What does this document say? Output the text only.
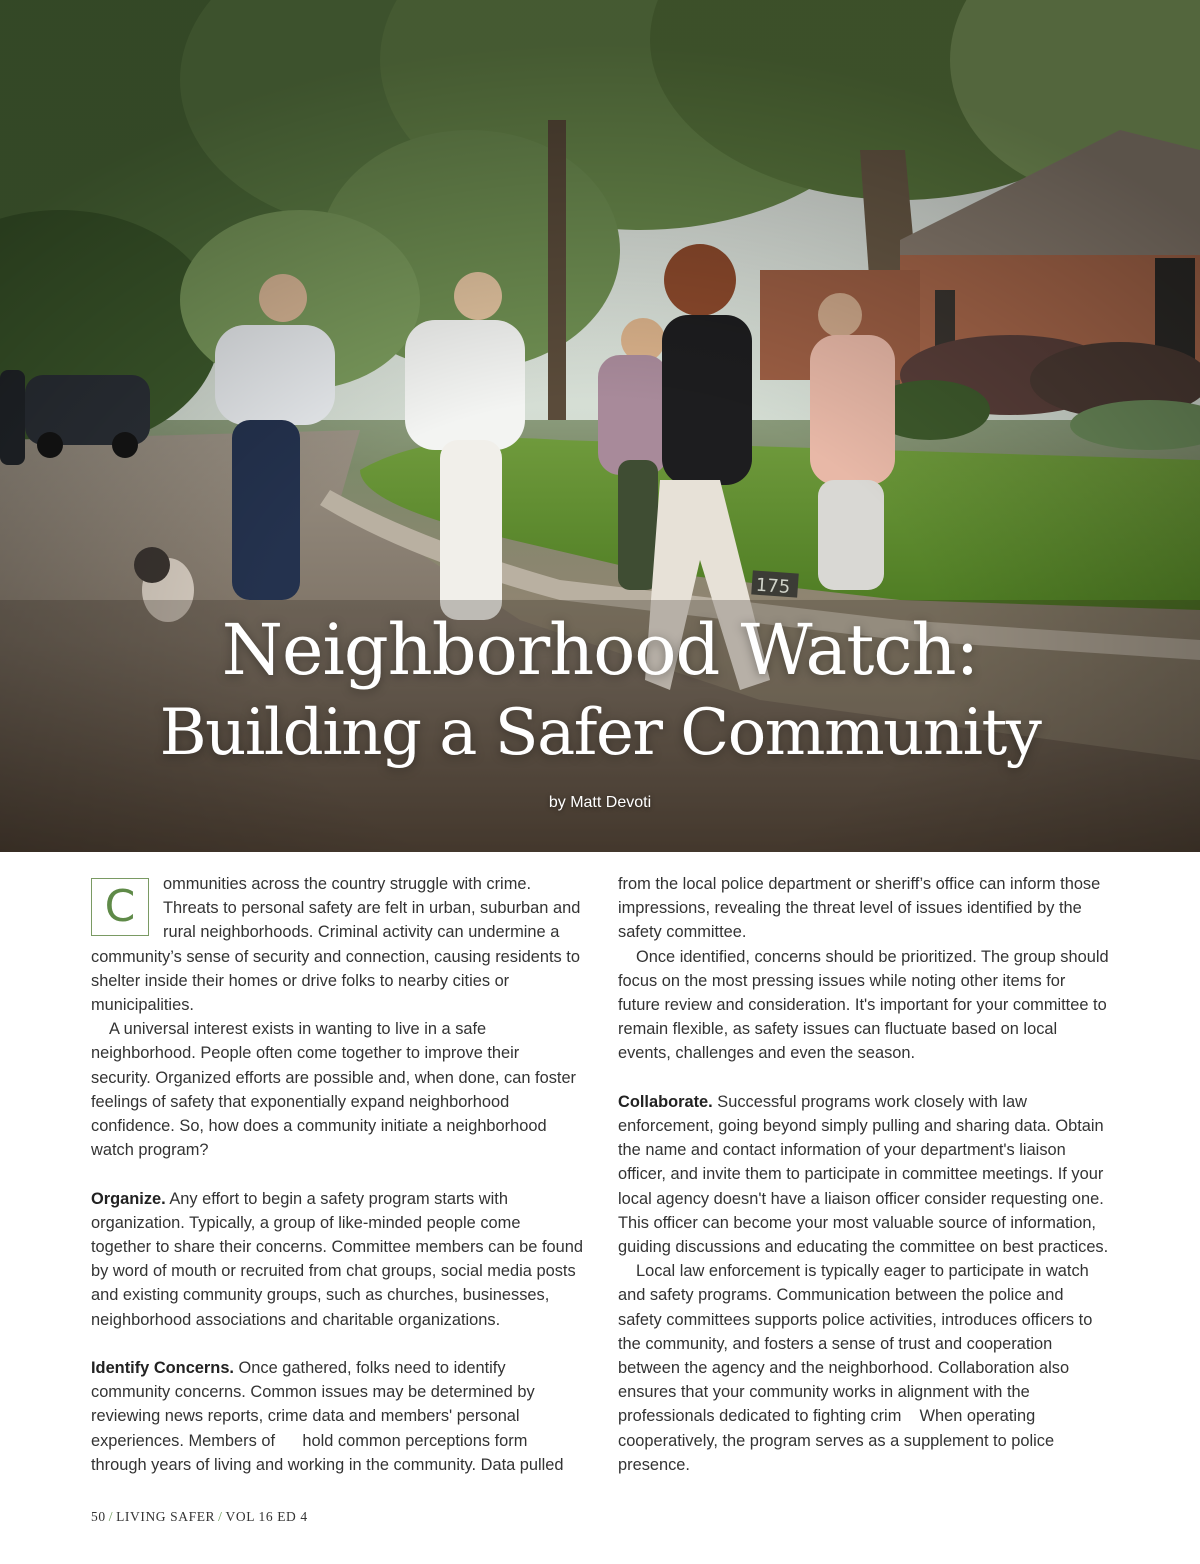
Neighborhood Watch:
Building a Safer Community
by Matt Devoti

C	ommunities across the country struggle with crime. Threats to personal safety are felt in urban, suburban and rural neighborhoods. Criminal activity can undermine a community’s sense of security and connection, causing residents to shelter inside their homes or drive folks to nearby cities or municipalities.

A universal interest exists in wanting to live in a safe neighborhood. People often come together to improve their security. Organized efforts are possible and, when done, can foster feelings of safety that exponentially expand neighborhood confidence. So, how does a community initiate a neighborhood watch program?

Organize. Any effort to begin a safety program starts with organization. Typically, a group of like-minded people come together to share their concerns. Committee members can be found by word of mouth or recruited from chat groups, social media posts and existing community groups, such as churches, businesses, neighborhood associations and charitable organizations.

Identify Concerns. Once gathered, folks need to identify community concerns. Common issues may be determined by reviewing news reports, crime data and members' personal experiences. Members of      hold common perceptions form through years of living and working in the community. Data pulled

from the local police department or sheriff’s office can inform those impressions, revealing the threat level of issues identified by the safety committee.

Once identified, concerns should be prioritized. The group should focus on the most pressing issues while noting other items for future review and consideration. It's important for your committee to remain flexible, as safety issues can fluctuate based on local events, challenges and even the season.

Collaborate. Successful programs work closely with law enforcement, going beyond simply pulling and sharing data. Obtain the name and contact information of your department's liaison officer, and invite them to participate in committee meetings. If your local agency doesn't have a liaison officer consider requesting one. This officer can become your most valuable source of information, guiding discussions and educating the committee on best practices.

Local law enforcement is typically eager to participate in watch and safety programs. Communication between the police and safety committees supports police activities, introduces officers to the community, and fosters a sense of trust and cooperation between the agency and the neighborhood. Collaboration also ensures that your community works in alignment with the professionals dedicated to fighting crim    When operating cooperatively, the program serves as a supplement to police presence.

50 / LIVING SAFER / VOL 16 ED 4
